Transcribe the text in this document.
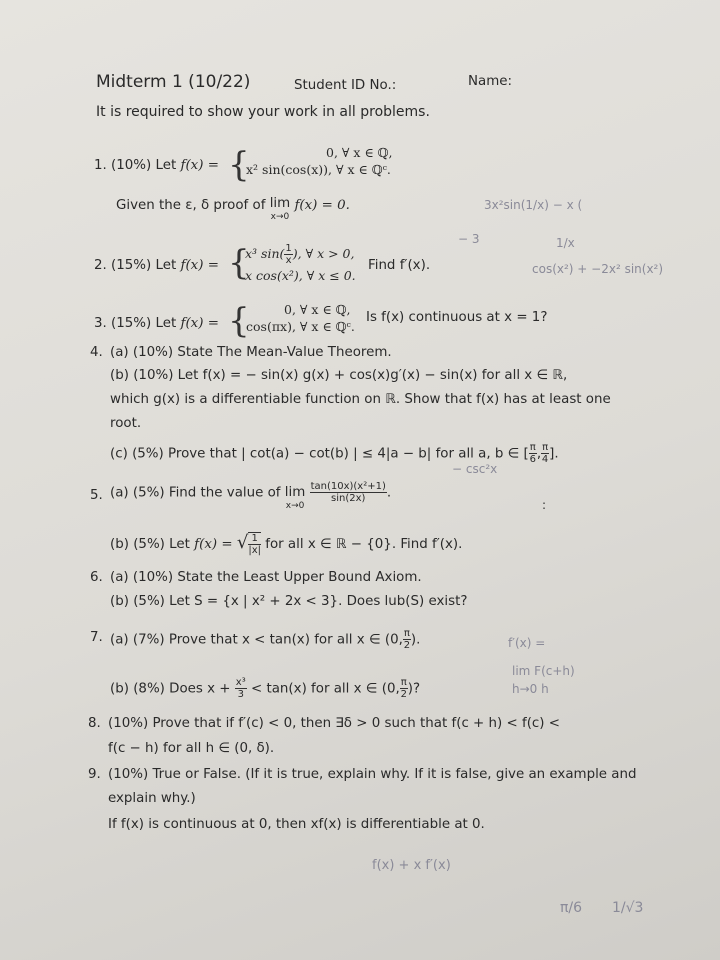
Midterm 1 (10/22)	Student ID No.:	Name:
It is required to show your work in all problems.
1. (10%) Let f(x) = {	0, ∀ x ∈ ℚ,
x² sin(cos(x)), ∀ x ∈ ℚᶜ.
Given the ε, δ proof of lim
x→0 f(x) = 0.
2. (15%) Let f(x) = {
x³ $\sin( \frac{1}{x}$ ), ∀ x > 0,
x cos(x²), ∀ x ≤ 0.
Find f′(x).
3. (15%) Let f(x) = {	0, ∀ x ∈ ℚ,
cos(πx), ∀ x ∈ ℚᶜ.
Is f(x) continuous at x = 1?
4. (a) (10%) State The Mean-Value Theorem.
(b) (10%) Let f(x) = − sin(x) g(x) + cos(x)g′(x) − sin(x) for all x ∈ ℝ,
which g(x) is a differentiable function on ℝ. Show that f(x) has at least one
root.
(c) (5%) Prove that | cot(a) − cot(b) | ≤ 4|a − b| for all a, b ∈ [ $\frac{\pi}{6}$ , $\frac{\pi}{4}$ ].
5. (a) (5%) Find the value of lim
x→0
$\frac{\text{tan(10x)(x²+1)}}{\sin(2x)}$ .
(b) (5%) Let f(x) = √ $\frac{1}{|x|}$ for all x ∈ ℝ − {0}. Find f′(x).
6. (a) (10%) State the Least Upper Bound Axiom.
(b) (5%) Let S = {x | x² + 2x < 3}. Does lub(S) exist?
7. (a) (7%) Prove that x < tan(x) for all x ∈ (0, $\frac{\pi}{2}$ ).
(b) (8%) Does $x + \frac{\text{x³}}{3} < \tan(x)$ for all x ∈ (0, $\frac{\pi}{2}$ )?
8. (10%) Prove that if f′(c) < 0, then ∃δ > 0 such that f(c + h) < f(c) <
f(c − h) for all h ∈ (0, δ).
9. (10%) True or False. (If it is true, explain why. If it is false, give an example and
explain why.)
If f(x) is continuous at 0, then xf(x) is differentiable at 0.
3x²sin(1/x) − x (
− 3	1/x
cos(x²) + −2x² sin(x²)
− csc²x
:
f′(x) =
lim F(c+h)
h→0 h
f(x) + x f′(x)
π/6 1/√3
